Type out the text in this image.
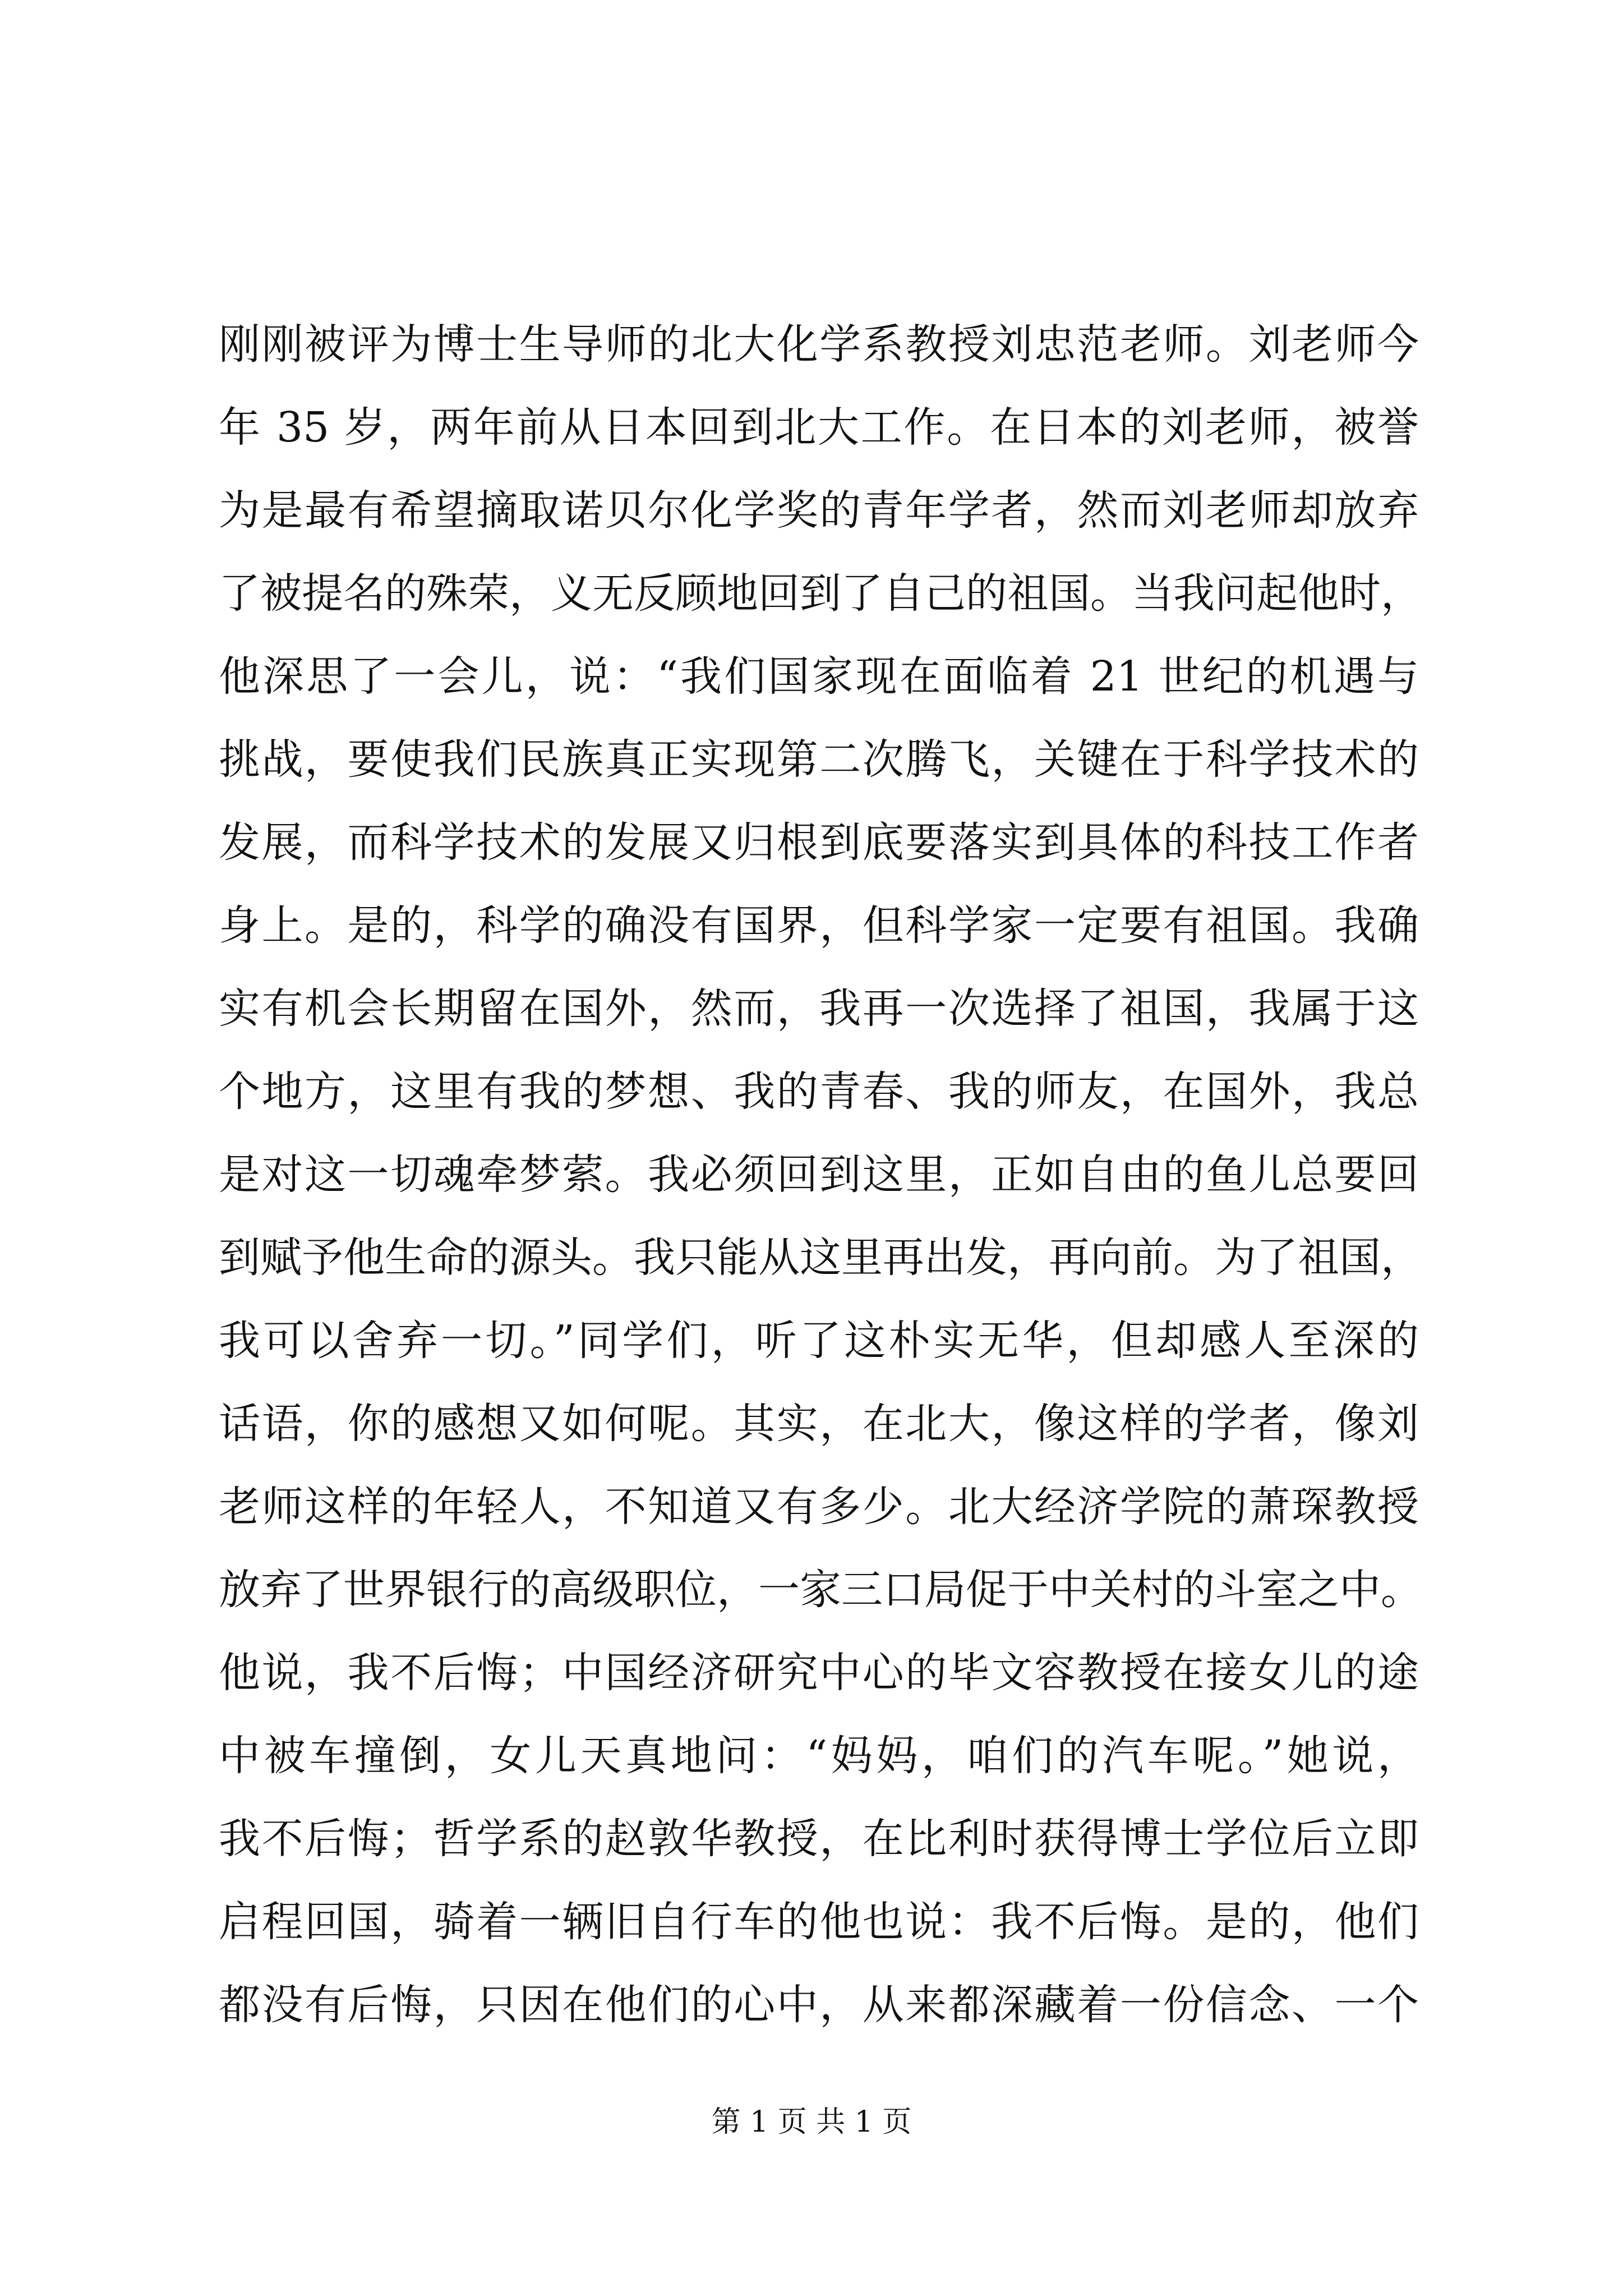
刚刚被评为博士生导师的北大化学系教授刘忠范老师。刘老师今
年 35 岁，两年前从日本回到北大工作。在日本的刘老师，被誉
为是最有希望摘取诺贝尔化学奖的青年学者，然而刘老师却放弃
了被提名的殊荣，义无反顾地回到了自己的祖国。当我问起他时，
他深思了一会儿，说：“我们国家现在面临着 21 世纪的机遇与
挑战，要使我们民族真正实现第二次腾飞，关键在于科学技术的
发展，而科学技术的发展又归根到底要落实到具体的科技工作者
身上。是的，科学的确没有国界，但科学家一定要有祖国。我确
实有机会长期留在国外，然而，我再一次选择了祖国，我属于这
个地方，这里有我的梦想、我的青春、我的师友，在国外，我总
是对这一切魂牵梦萦。我必须回到这里，正如自由的鱼儿总要回
到赋予他生命的源头。我只能从这里再出发，再向前。为了祖国，
我可以舍弃一切。”同学们，听了这朴实无华，但却感人至深的
话语，你的感想又如何呢。其实，在北大，像这样的学者，像刘
老师这样的年轻人，不知道又有多少。北大经济学院的萧琛教授
放弃了世界银行的高级职位，一家三口局促于中关村的斗室之中。
他说，我不后悔；中国经济研究中心的毕文容教授在接女儿的途
中被车撞倒，女儿天真地问：“妈妈，咱们的汽车呢。”她说，
我不后悔；哲学系的赵敦华教授，在比利时获得博士学位后立即
启程回国，骑着一辆旧自行车的他也说：我不后悔。是的，他们
都没有后悔，只因在他们的心中，从来都深藏着一份信念、一个
第 1 页 共 1 页
